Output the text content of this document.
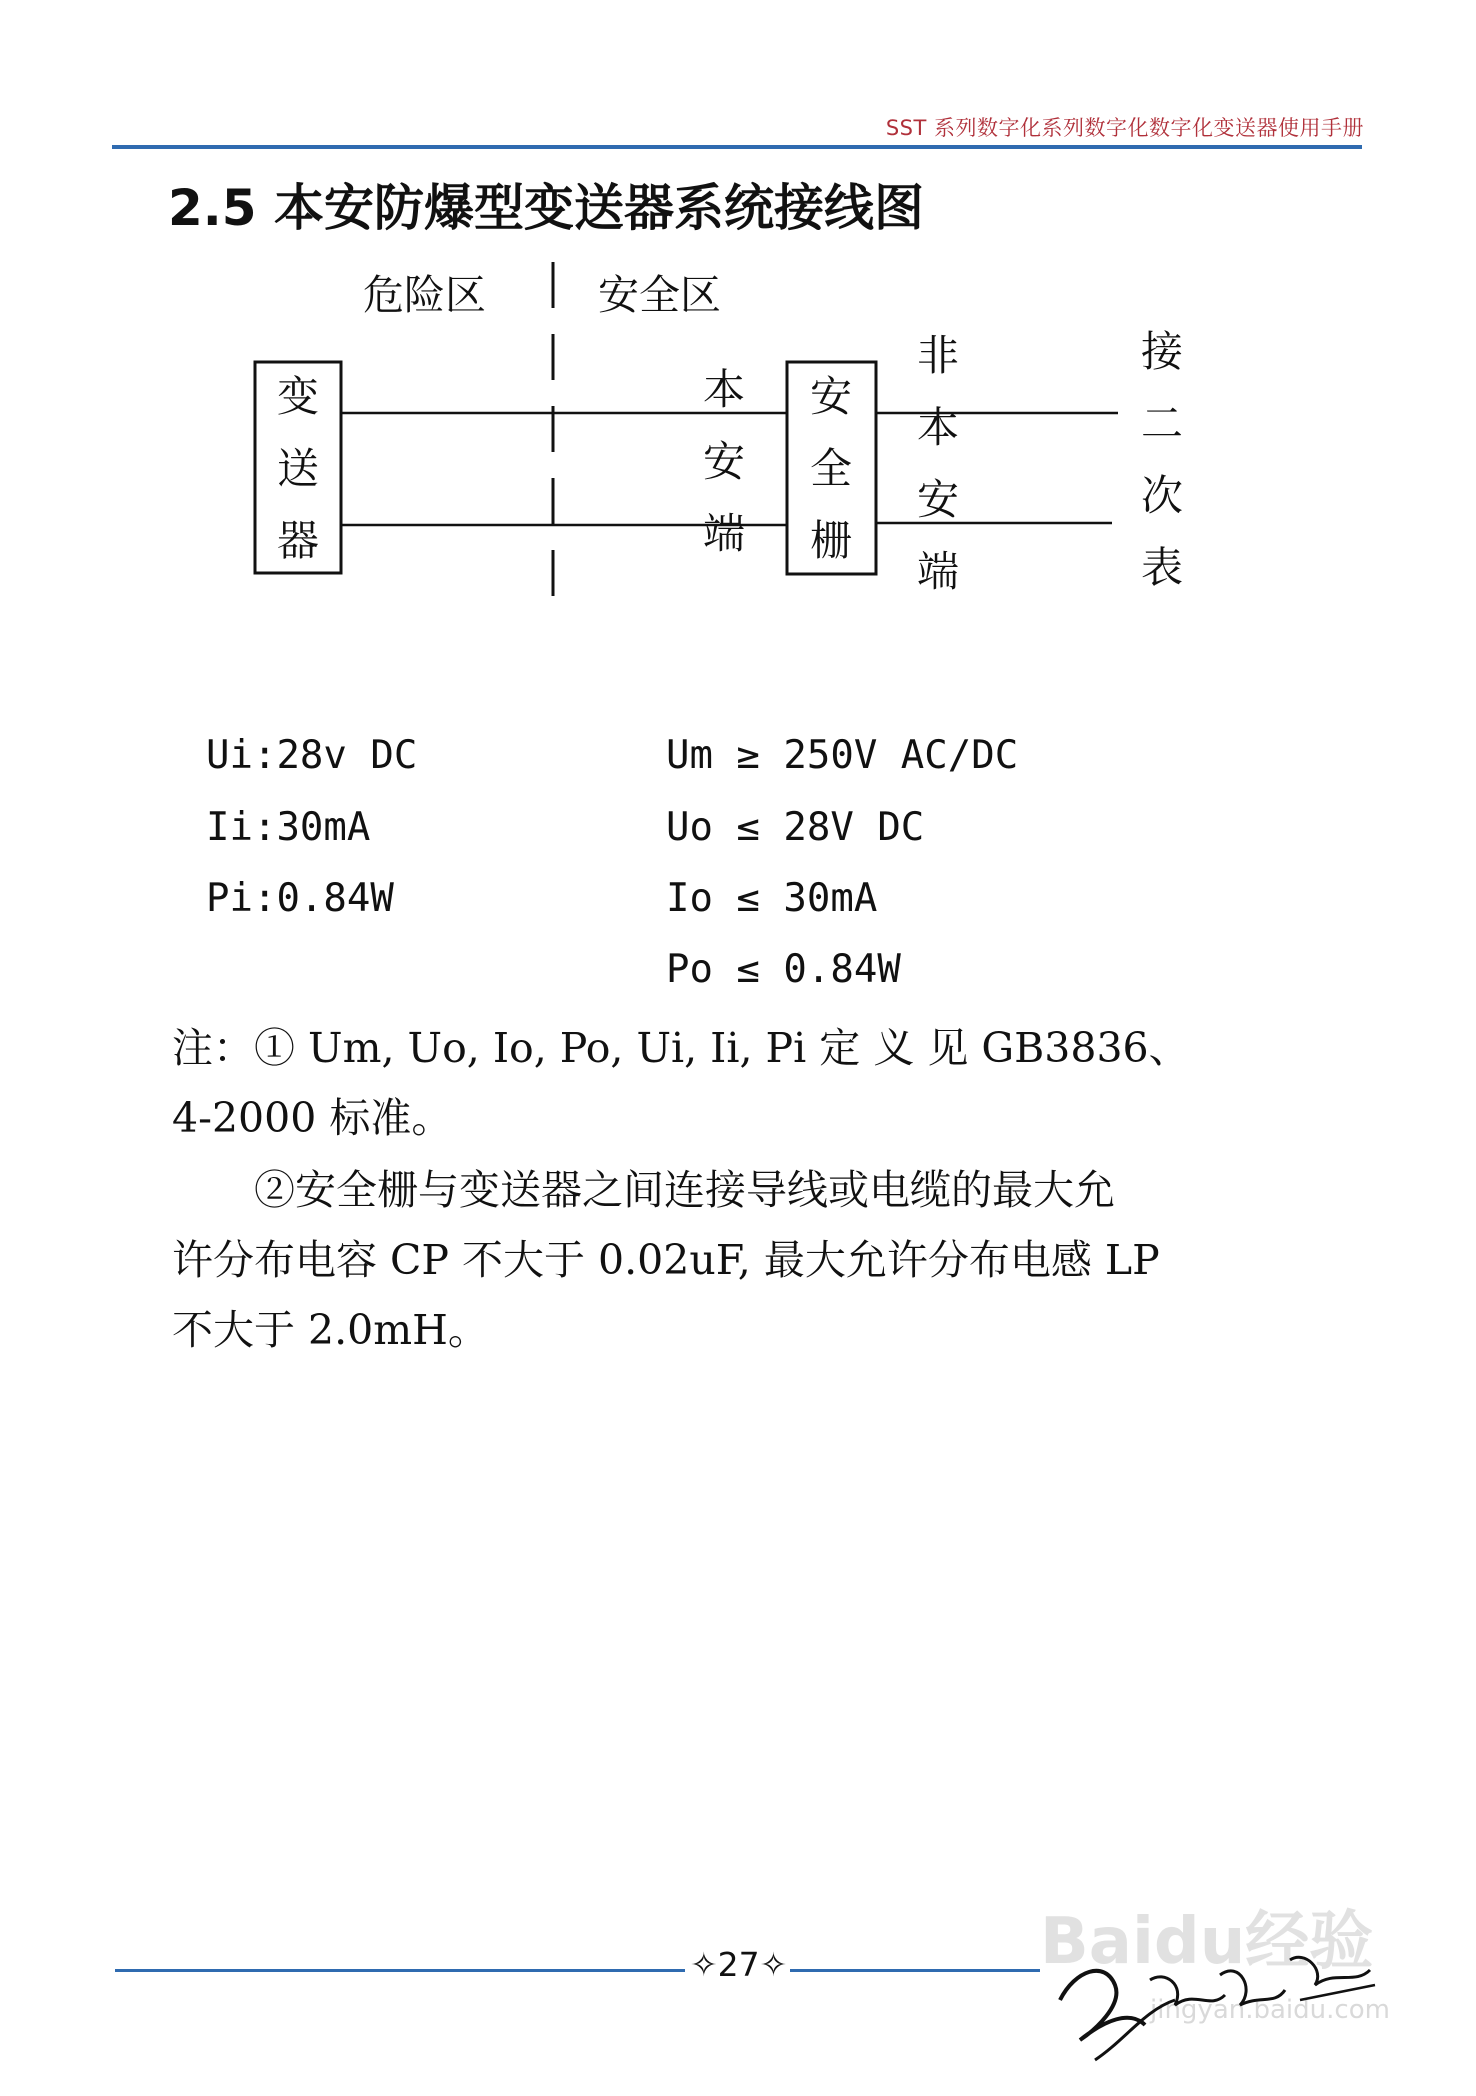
SST 系列数字化系列数字化数字化变送器使用手册
2.5 本安防爆型变送器系统接线图
危险区	安全区
变
送
器
本
安
端
安
全
栅
非
本
安
端
接
二
次
表
Ui:28v DC
Ii:30mA
Pi:0.84W
Um ≥ 250V AC/DC
Uo ≤ 28V DC
Io ≤ 30mA
Po ≤ 0.84W
注：① Um, Uo, Io, Po, Ui, Ii, Pi 定 义 见 GB3836、
4-2000 标准。
②安全栅与变送器之间连接导线或电缆的最大允
许分布电容 CP 不大于 0.02uF, 最大允许分布电感 LP
不大于 2.0mH。
✧27✧	Baidu经验
jingyan.baidu.com
